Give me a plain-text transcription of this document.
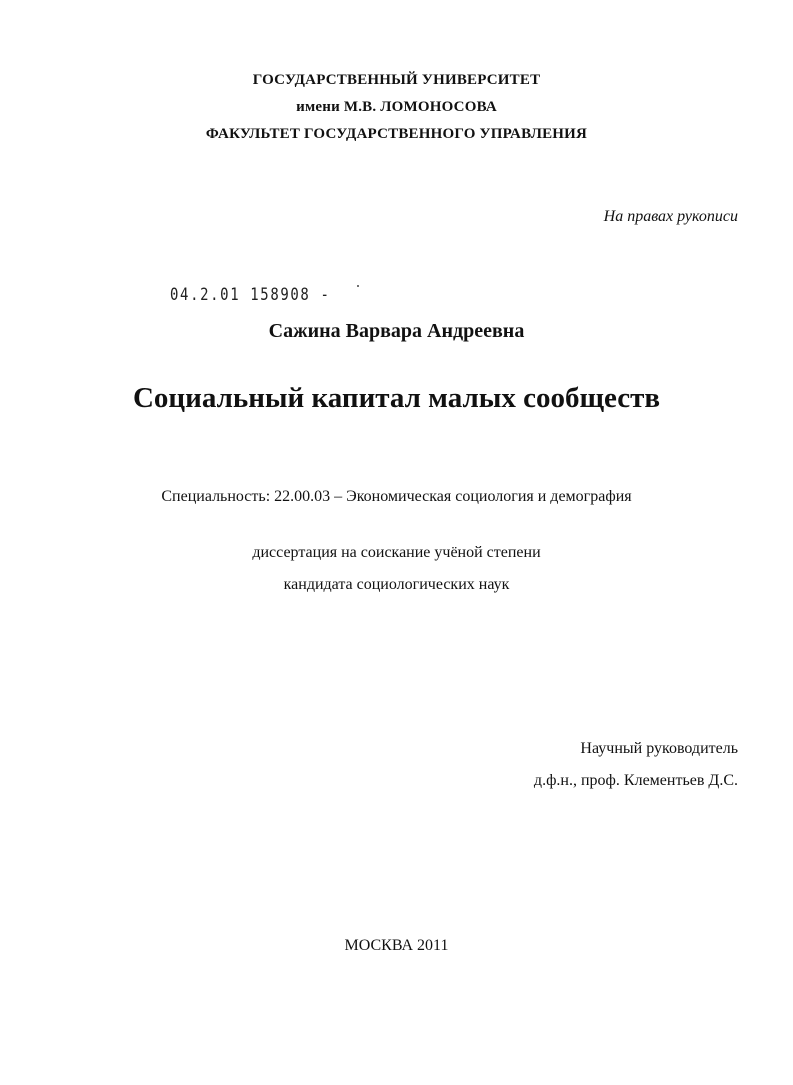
ГОСУДАРСТВЕННЫЙ УНИВЕРСИТЕТ
имени М.В. ЛОМОНОСОВА
ФАКУЛЬТЕТ ГОСУДАРСТВЕННОГО УПРАВЛЕНИЯ
На правах рукописи
04.2.01 158908 -
Сажина Варвара Андреевна
Социальный капитал малых сообществ
Специальность: 22.00.03 – Экономическая социология и демография
диссертация на соискание учёной степени
кандидата социологических наук
Научный руководитель
д.ф.н., проф. Клементьев Д.С.
МОСКВА 2011
